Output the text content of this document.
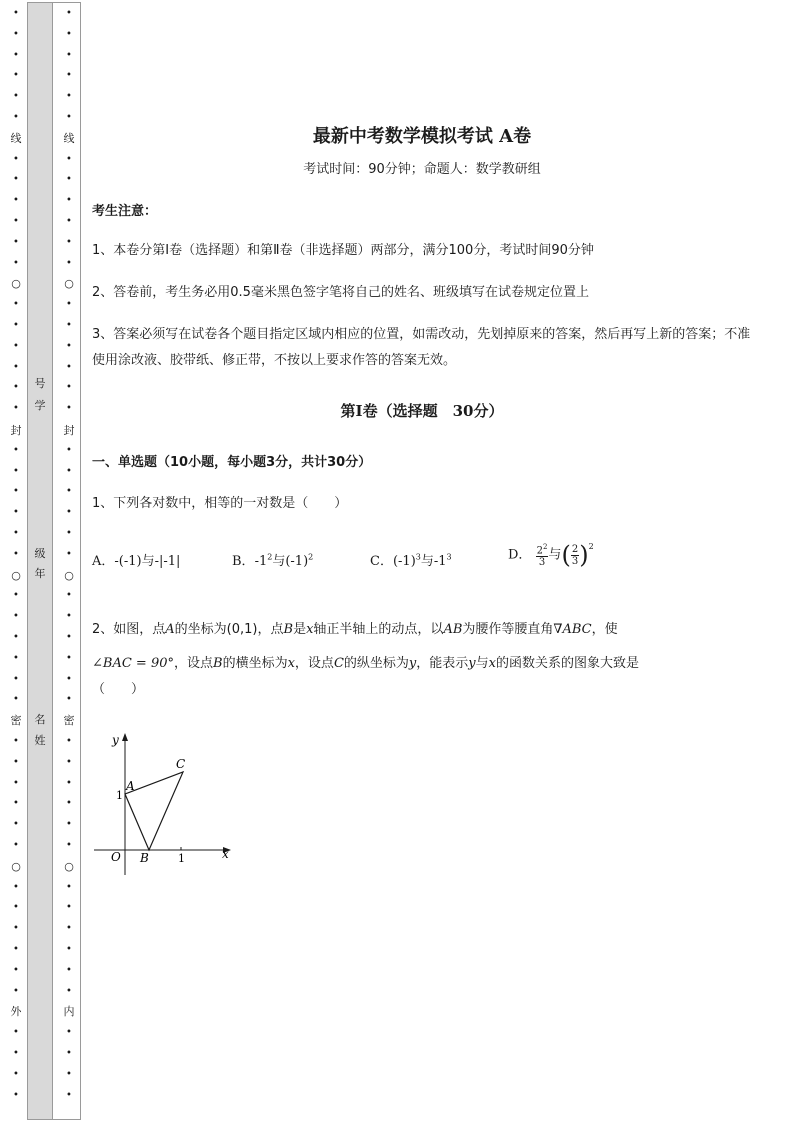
•
•
•
•
•
•
•
•
•
•
•
•
•
•
•
•
•
•
•
•
•
•
•
•
•
•
•
•
•
•
•
•
•
•
•
•
•
•
•
•
•
•
•
•
•
•
○
○
○
线
封
密
外
号
学
级
年
名
姓
•
•
•
•
•
•
•
•
•
•
•
•
•
•
•
•
•
•
•
•
•
•
•
•
•
•
•
•
•
•
•
•
•
•
•
•
•
•
•
•
•
•
•
•
•
•
○
○
○
线
封
密
内
最新中考数学模拟考试 A卷
考试时间：90分钟；命题人：数学教研组
考生注意：
1、本卷分第I卷（选择题）和第Ⅱ卷（非选择题）两部分，满分100分，考试时间90分钟
2、答卷前，考生务必用0.5毫米黑色签字笔将自己的姓名、班级填写在试卷规定位置上
3、答案必须写在试卷各个题目指定区域内相应的位置，如需改动，先划掉原来的答案，然后再写上新的答案；不准使用涂改液、胶带纸、修正带，不按以上要求作答的答案无效。
第I卷（选择题　30分）
一、单选题（10小题，每小题3分，共计30分）
1、下列各对数中，相等的一对数是（　　）
A．-(-1)与-|-1|	B．$-1^2$与$(-1)^2$	C．$(-1)^3$与$-1^3$	D． $\frac{2^2}{3}$ 与( $\frac{2}{3} )^2$
2、如图，点A的坐标为(0,1)，点B是x轴正半轴上的动点，以AB为腰作等腰直角∇ABC，使
∠BAC = 90°，设点B的横坐标为x，设点C的纵坐标为y，能表示y与x的函数关系的图象大致是
（　　）
y
x
O
A
B
C
1
1
